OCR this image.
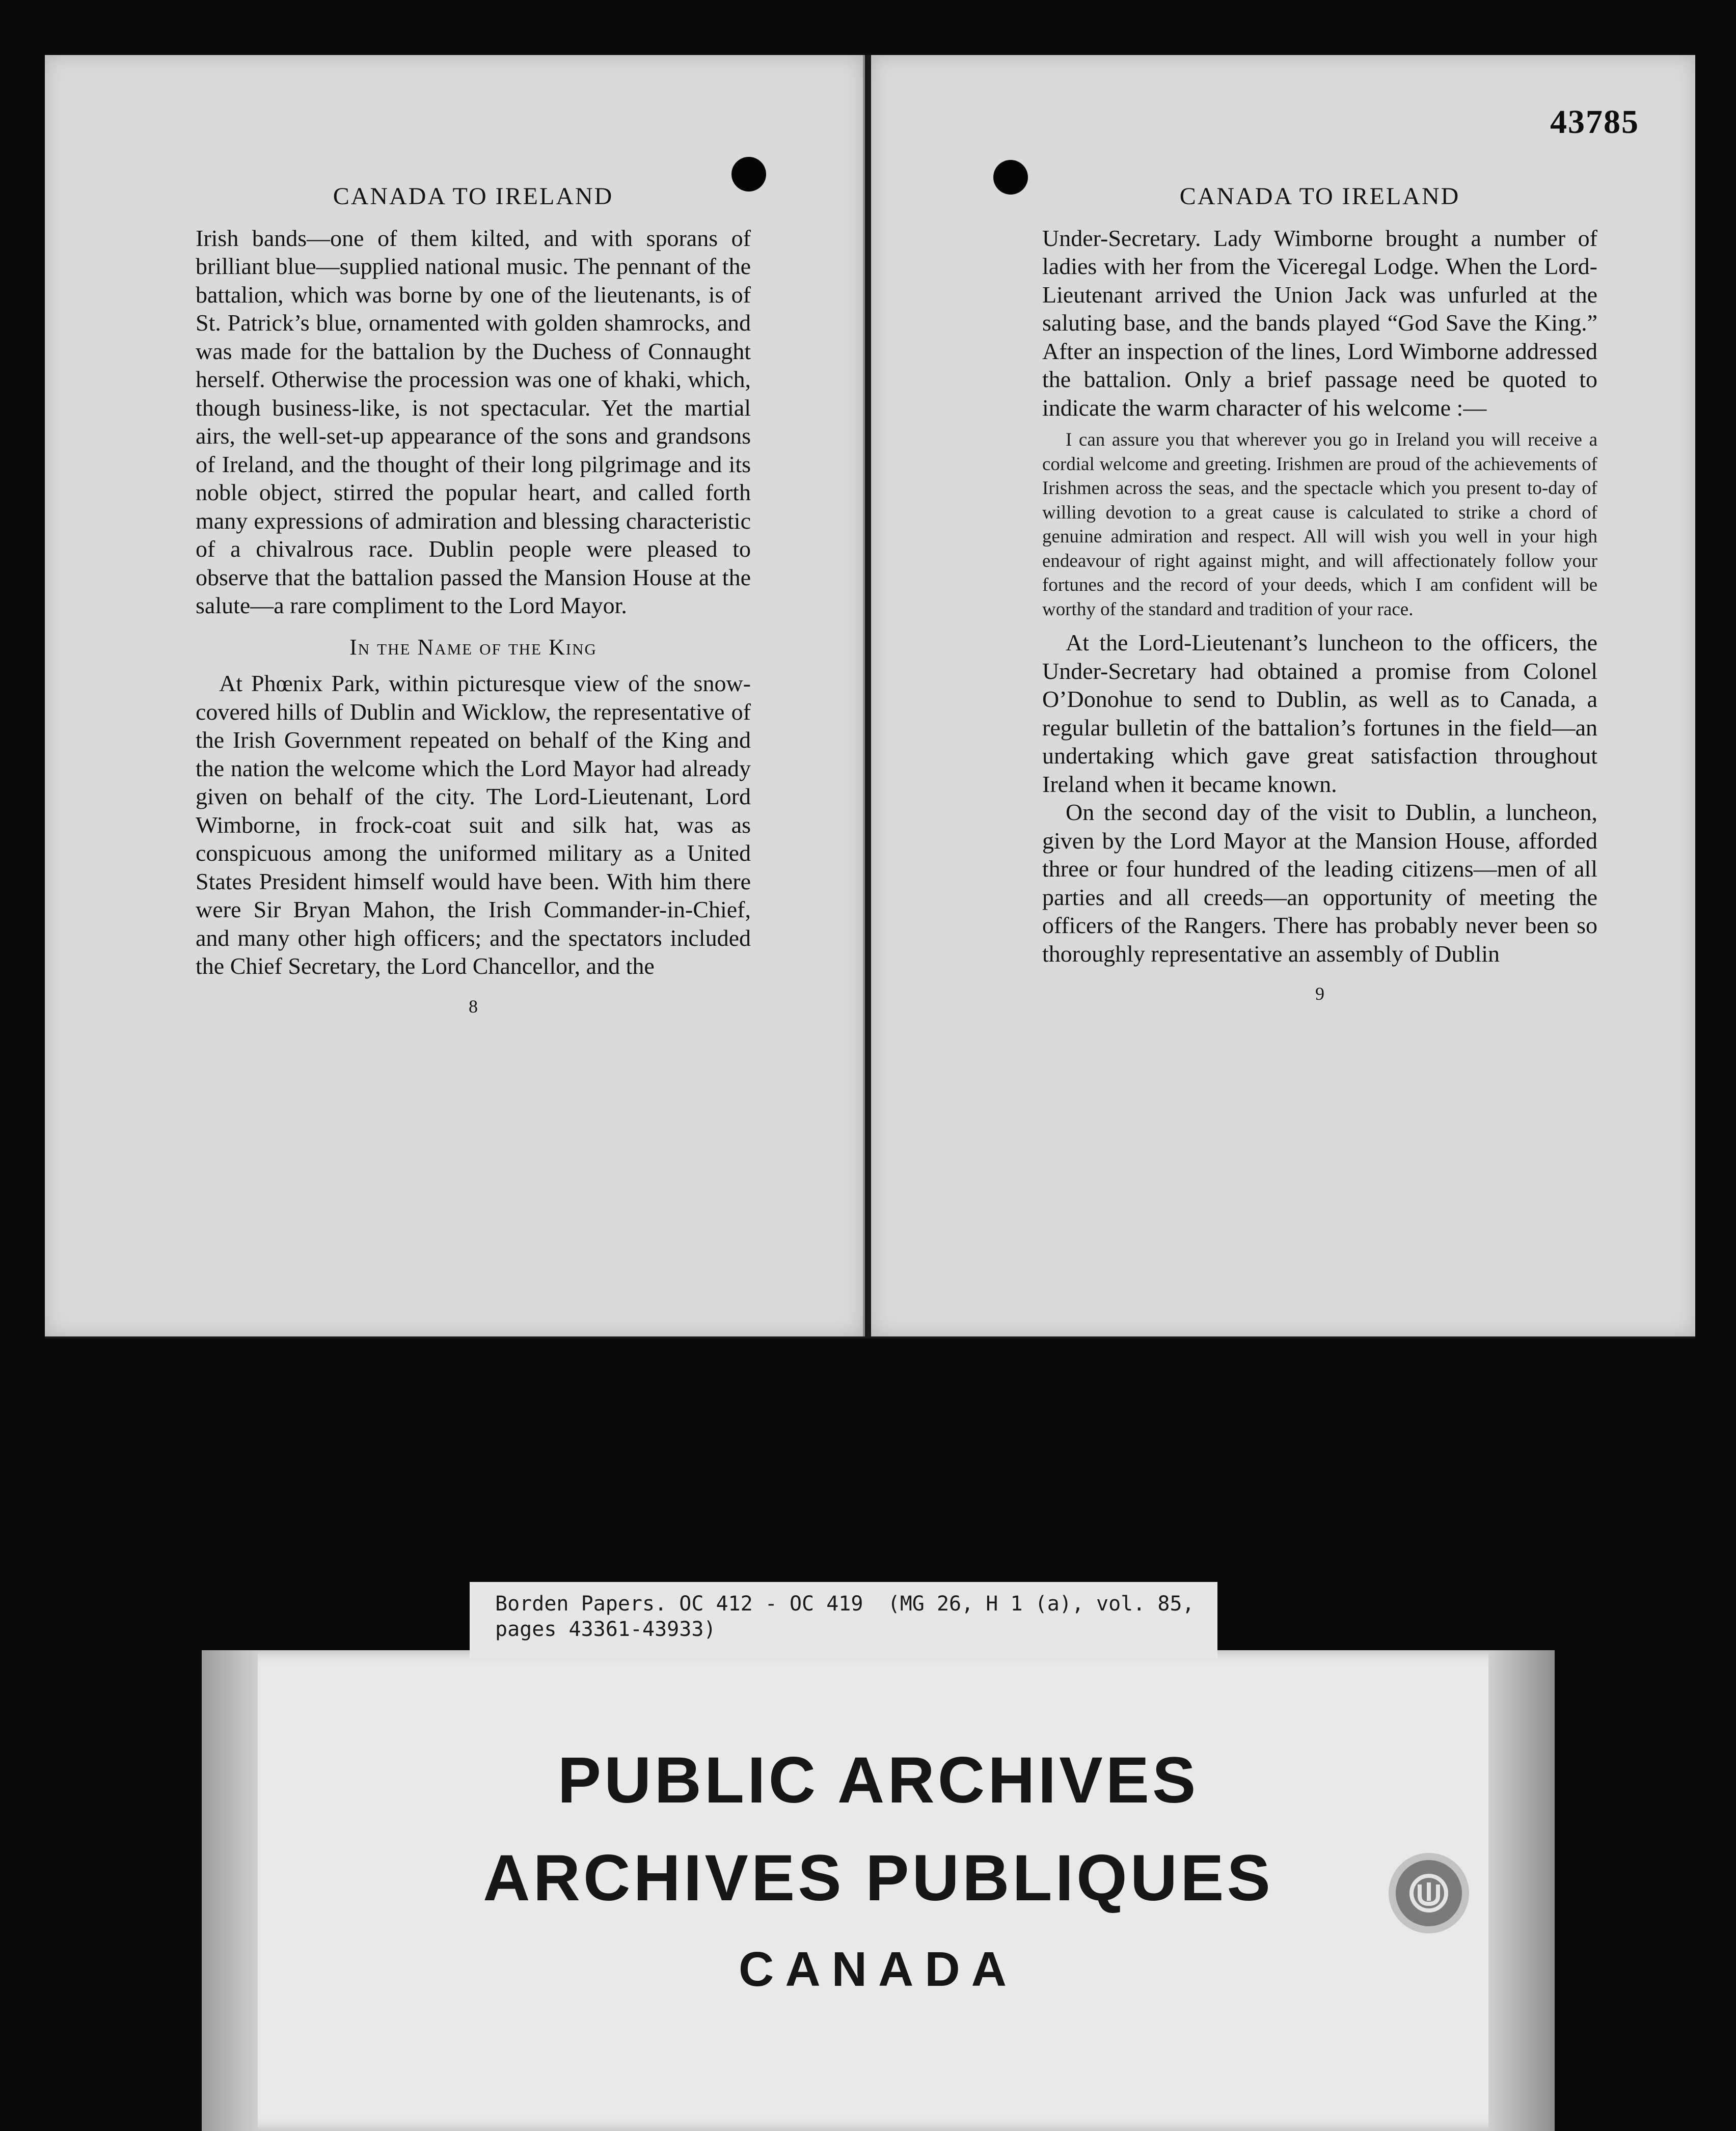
CANADA TO IRELAND

Irish bands—one of them kilted, and with sporans of brilliant blue—supplied national music. The pennant of the battalion, which was borne by one of the lieutenants, is of St. Patrick’s blue, ornamented with golden shamrocks, and was made for the battalion by the Duchess of Connaught herself. Otherwise the procession was one of khaki, which, though business-like, is not spectacular. Yet the martial airs, the well-set-up appearance of the sons and grandsons of Ireland, and the thought of their long pilgrimage and its noble object, stirred the popular heart, and called forth many expressions of admiration and blessing characteristic of a chivalrous race. Dublin people were pleased to observe that the battalion passed the Mansion House at the salute—a rare compliment to the Lord Mayor.

In the Name of the King

At Phœnix Park, within picturesque view of the snow-covered hills of Dublin and Wicklow, the representative of the Irish Government repeated on behalf of the King and the nation the welcome which the Lord Mayor had already given on behalf of the city. The Lord-Lieutenant, Lord Wimborne, in frock-coat suit and silk hat, was as conspicuous among the uniformed military as a United States President himself would have been. With him there were Sir Bryan Mahon, the Irish Commander-in-Chief, and many other high officers; and the spectators included the Chief Secretary, the Lord Chancellor, and the

8
43785
CANADA TO IRELAND

Under-Secretary. Lady Wimborne brought a number of ladies with her from the Viceregal Lodge. When the Lord-Lieutenant arrived the Union Jack was unfurled at the saluting base, and the bands played “God Save the King.” After an inspection of the lines, Lord Wimborne addressed the battalion. Only a brief passage need be quoted to indicate the warm character of his welcome :—

I can assure you that wherever you go in Ireland you will receive a cordial welcome and greeting. Irishmen are proud of the achievements of Irishmen across the seas, and the spectacle which you present to-day of willing devotion to a great cause is calculated to strike a chord of genuine admiration and respect. All will wish you well in your high endeavour of right against might, and will affectionately follow your fortunes and the record of your deeds, which I am confident will be worthy of the standard and tradition of your race.

At the Lord-Lieutenant’s luncheon to the officers, the Under-Secretary had obtained a promise from Colonel O’Donohue to send to Dublin, as well as to Canada, a regular bulletin of the battalion’s fortunes in the field—an undertaking which gave great satisfaction throughout Ireland when it became known.

On the second day of the visit to Dublin, a luncheon, given by the Lord Mayor at the Mansion House, afforded three or four hundred of the leading citizens—men of all parties and all creeds—an opportunity of meeting the officers of the Rangers. There has probably never been so thoroughly representative an assembly of Dublin

9
Borden Papers. OC 412 - OC 419  (MG 26, H 1 (a), vol. 85,
pages 43361-43933)
PUBLIC ARCHIVES
ARCHIVES PUBLIQUES
CANADA
